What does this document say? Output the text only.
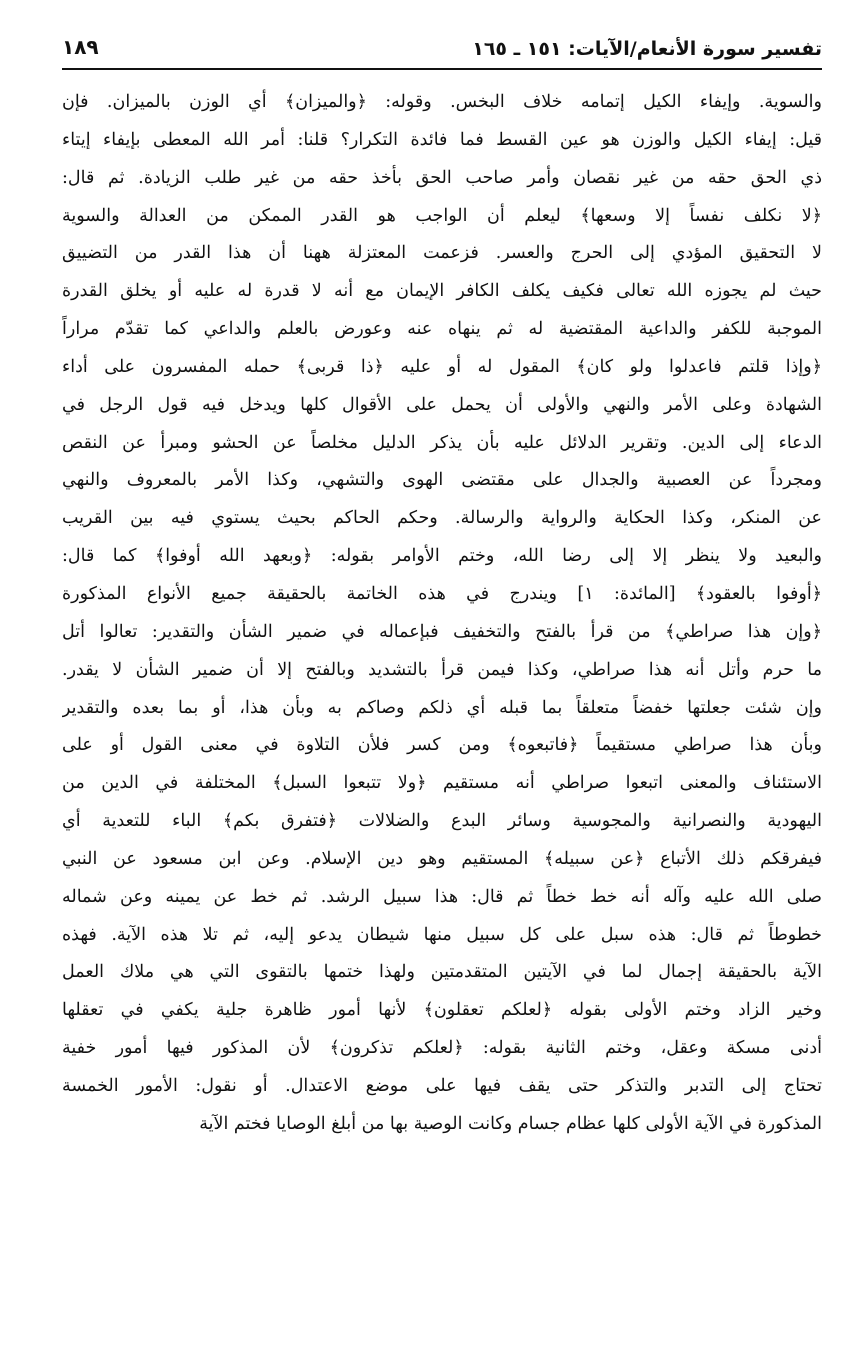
تفسير سورة الأنعام/الآيات: ١٥١ ـ ١٦٥
١٨٩
والسوية. وإيفاء الكيل إتمامه خلاف البخس. وقوله: ﴿والميزان﴾ أي الوزن بالميزان. فإن
قيل: إيفاء الكيل والوزن هو عين القسط فما فائدة التكرار؟ قلنا: أمر الله المعطى بإيفاء إيتاء
ذي الحق حقه من غير نقصان وأمر صاحب الحق بأخذ حقه من غير طلب الزيادة. ثم قال:
﴿لا نكلف نفساً إلا وسعها﴾ ليعلم أن الواجب هو القدر الممكن من العدالة والسوية
لا التحقيق المؤدي إلى الحرج والعسر. فزعمت المعتزلة ههنا أن هذا القدر من التضييق
حيث لم يجوزه الله تعالى فكيف يكلف الكافر الإيمان مع أنه لا قدرة له عليه أو يخلق القدرة
الموجبة للكفر والداعية المقتضية له ثم ينهاه عنه وعورض بالعلم والداعي كما تقدّم مراراً
﴿وإذا قلتم فاعدلوا ولو كان﴾ المقول له أو عليه ﴿ذا قربى﴾ حمله المفسرون على أداء
الشهادة وعلى الأمر والنهي والأولى أن يحمل على الأقوال كلها ويدخل فيه قول الرجل في
الدعاء إلى الدين. وتقرير الدلائل عليه بأن يذكر الدليل مخلصاً عن الحشو ومبرأ عن النقص
ومجرداً عن العصبية والجدال على مقتضى الهوى والتشهي، وكذا الأمر بالمعروف والنهي
عن المنكر، وكذا الحكاية والرواية والرسالة. وحكم الحاكم بحيث يستوي فيه بين القريب
والبعيد ولا ينظر إلا إلى رضا الله، وختم الأوامر بقوله: ﴿وبعهد الله أوفوا﴾ كما قال:
﴿أوفوا بالعقود﴾ [المائدة: ١] ويندرج في هذه الخاتمة بالحقيقة جميع الأنواع المذكورة
﴿وإن هذا صراطي﴾ من قرأ بالفتح والتخفيف فبإعماله في ضمير الشأن والتقدير: تعالوا أتل
ما حرم وأتل أنه هذا صراطي، وكذا فيمن قرأ بالتشديد وبالفتح إلا أن ضمير الشأن لا يقدر.
وإن شئت جعلتها خفضاً متعلقاً بما قبله أي ذلكم وصاكم به وبأن هذا، أو بما بعده والتقدير
وبأن هذا صراطي مستقيماً ﴿فاتبعوه﴾ ومن كسر فلأن التلاوة في معنى القول أو على
الاستئناف والمعنى اتبعوا صراطي أنه مستقيم ﴿ولا تتبعوا السبل﴾ المختلفة في الدين من
اليهودية والنصرانية والمجوسية وسائر البدع والضلالات ﴿فتفرق بكم﴾ الباء للتعدية أي
فيفرقكم ذلك الأتباع ﴿عن سبيله﴾ المستقيم وهو دين الإسلام. وعن ابن مسعود عن النبي
صلى الله عليه وآله أنه خط خطاً ثم قال: هذا سبيل الرشد. ثم خط عن يمينه وعن شماله
خطوطاً ثم قال: هذه سبل على كل سبيل منها شيطان يدعو إليه، ثم تلا هذه الآية. فهذه
الآية بالحقيقة إجمال لما في الآيتين المتقدمتين ولهذا ختمها بالتقوى التي هي ملاك العمل
وخير الزاد وختم الأولى بقوله ﴿لعلكم تعقلون﴾ لأنها أمور ظاهرة جلية يكفي في تعقلها
أدنى مسكة وعقل، وختم الثانية بقوله: ﴿لعلكم تذكرون﴾ لأن المذكور فيها أمور خفية
تحتاج إلى التدبر والتذكر حتى يقف فيها على موضع الاعتدال. أو نقول: الأمور الخمسة
المذكورة في الآية الأولى كلها عظام جسام وكانت الوصية بها من أبلغ الوصايا فختم الآية
